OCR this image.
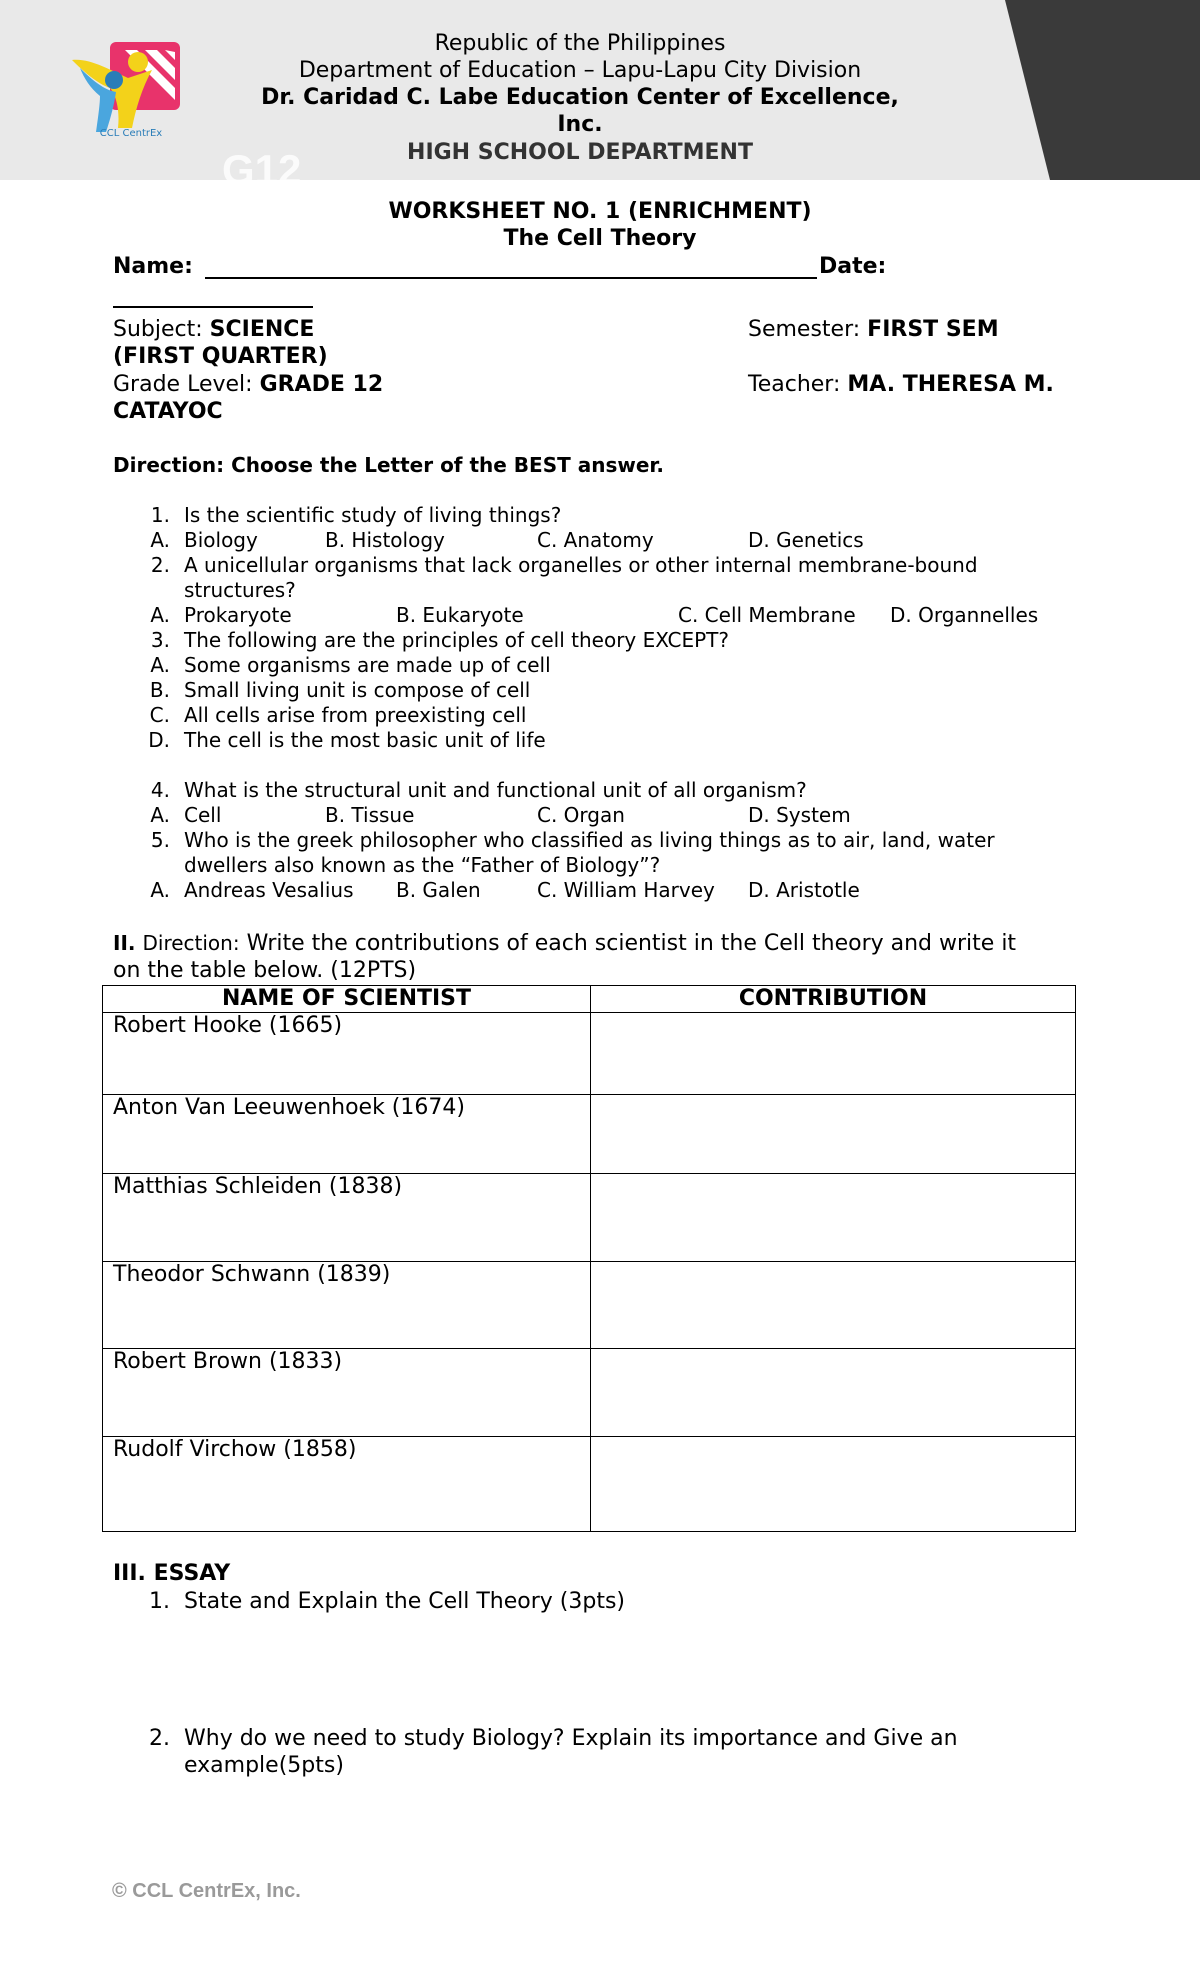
CCL CentrEx
G12
Republic of the Philippines
Department of Education – Lapu-Lapu City Division
Dr. Caridad C. Labe Education Center of Excellence,
Inc.
HIGH SCHOOL DEPARTMENT
WORKSHEET NO. 1 (ENRICHMENT)
The Cell Theory
Name:	Date:
Subject: SCIENCE
(FIRST QUARTER)
Semester: FIRST SEM
Grade Level: GRADE 12	Teacher: MA. THERESA M.
CATAYOC
Direction: Choose the Letter of the BEST answer.
1. Is the scientific study of living things?
A. Biology	B. Histology	C. Anatomy	D. Genetics
2. A unicellular organisms that lack organelles or other internal membrane-bound
structures?
A. Prokaryote	B. Eukaryote	C. Cell Membrane D. Organnelles
3. The following are the principles of cell theory EXCEPT?
A. Some organisms are made up of cell
B. Small living unit is compose of cell
C. All cells arise from preexisting cell
D. The cell is the most basic unit of life
4. What is the structural unit and functional unit of all organism?
A. Cell	B. Tissue	C. Organ	D. System
5. Who is the greek philosopher who classified as living things as to air, land, water
dwellers also known as the “Father of Biology”?
A. Andreas Vesalius B. Galen	C. William Harvey D. Aristotle
II. Direction: Write the contributions of each scientist in the Cell theory and write it
on the table below. (12PTS)
NAME OF SCIENTIST	CONTRIBUTION
Robert Hooke (1665)	
Anton Van Leeuwenhoek (1674)	
Matthias Schleiden (1838)	
Theodor Schwann (1839)	
Robert Brown (1833)	
Rudolf Virchow (1858)	
III. ESSAY
1. State and Explain the Cell Theory (3pts)
2. Why do we need to study Biology? Explain its importance and Give an
example(5pts)
© CCL CentrEx, Inc.
